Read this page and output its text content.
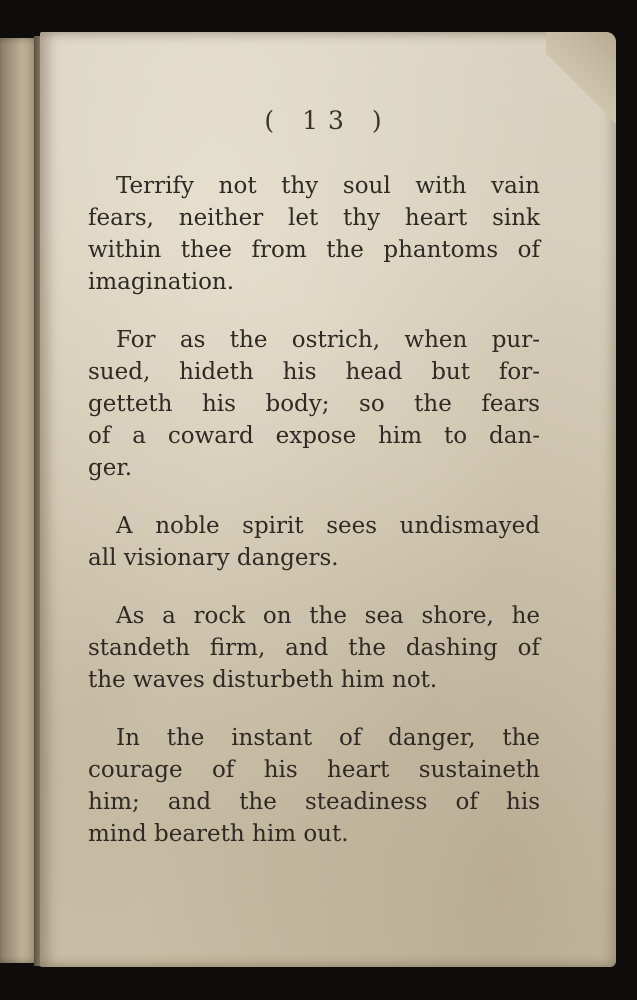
( 13 )
Terrify not thy soul with vain
fears, neither let thy heart sink
within thee from the phantoms of
imagination.
For as the ostrich, when pur-
sued, hideth his head but for-
getteth his body; so the fears
of a coward expose him to dan-
ger.
A noble spirit sees undismayed
all visionary dangers.
As a rock on the sea shore, he
standeth firm, and the dashing of
the waves disturbeth him not.
In the instant of danger, the
courage of his heart sustaineth
him; and the steadiness of his
mind beareth him out.
